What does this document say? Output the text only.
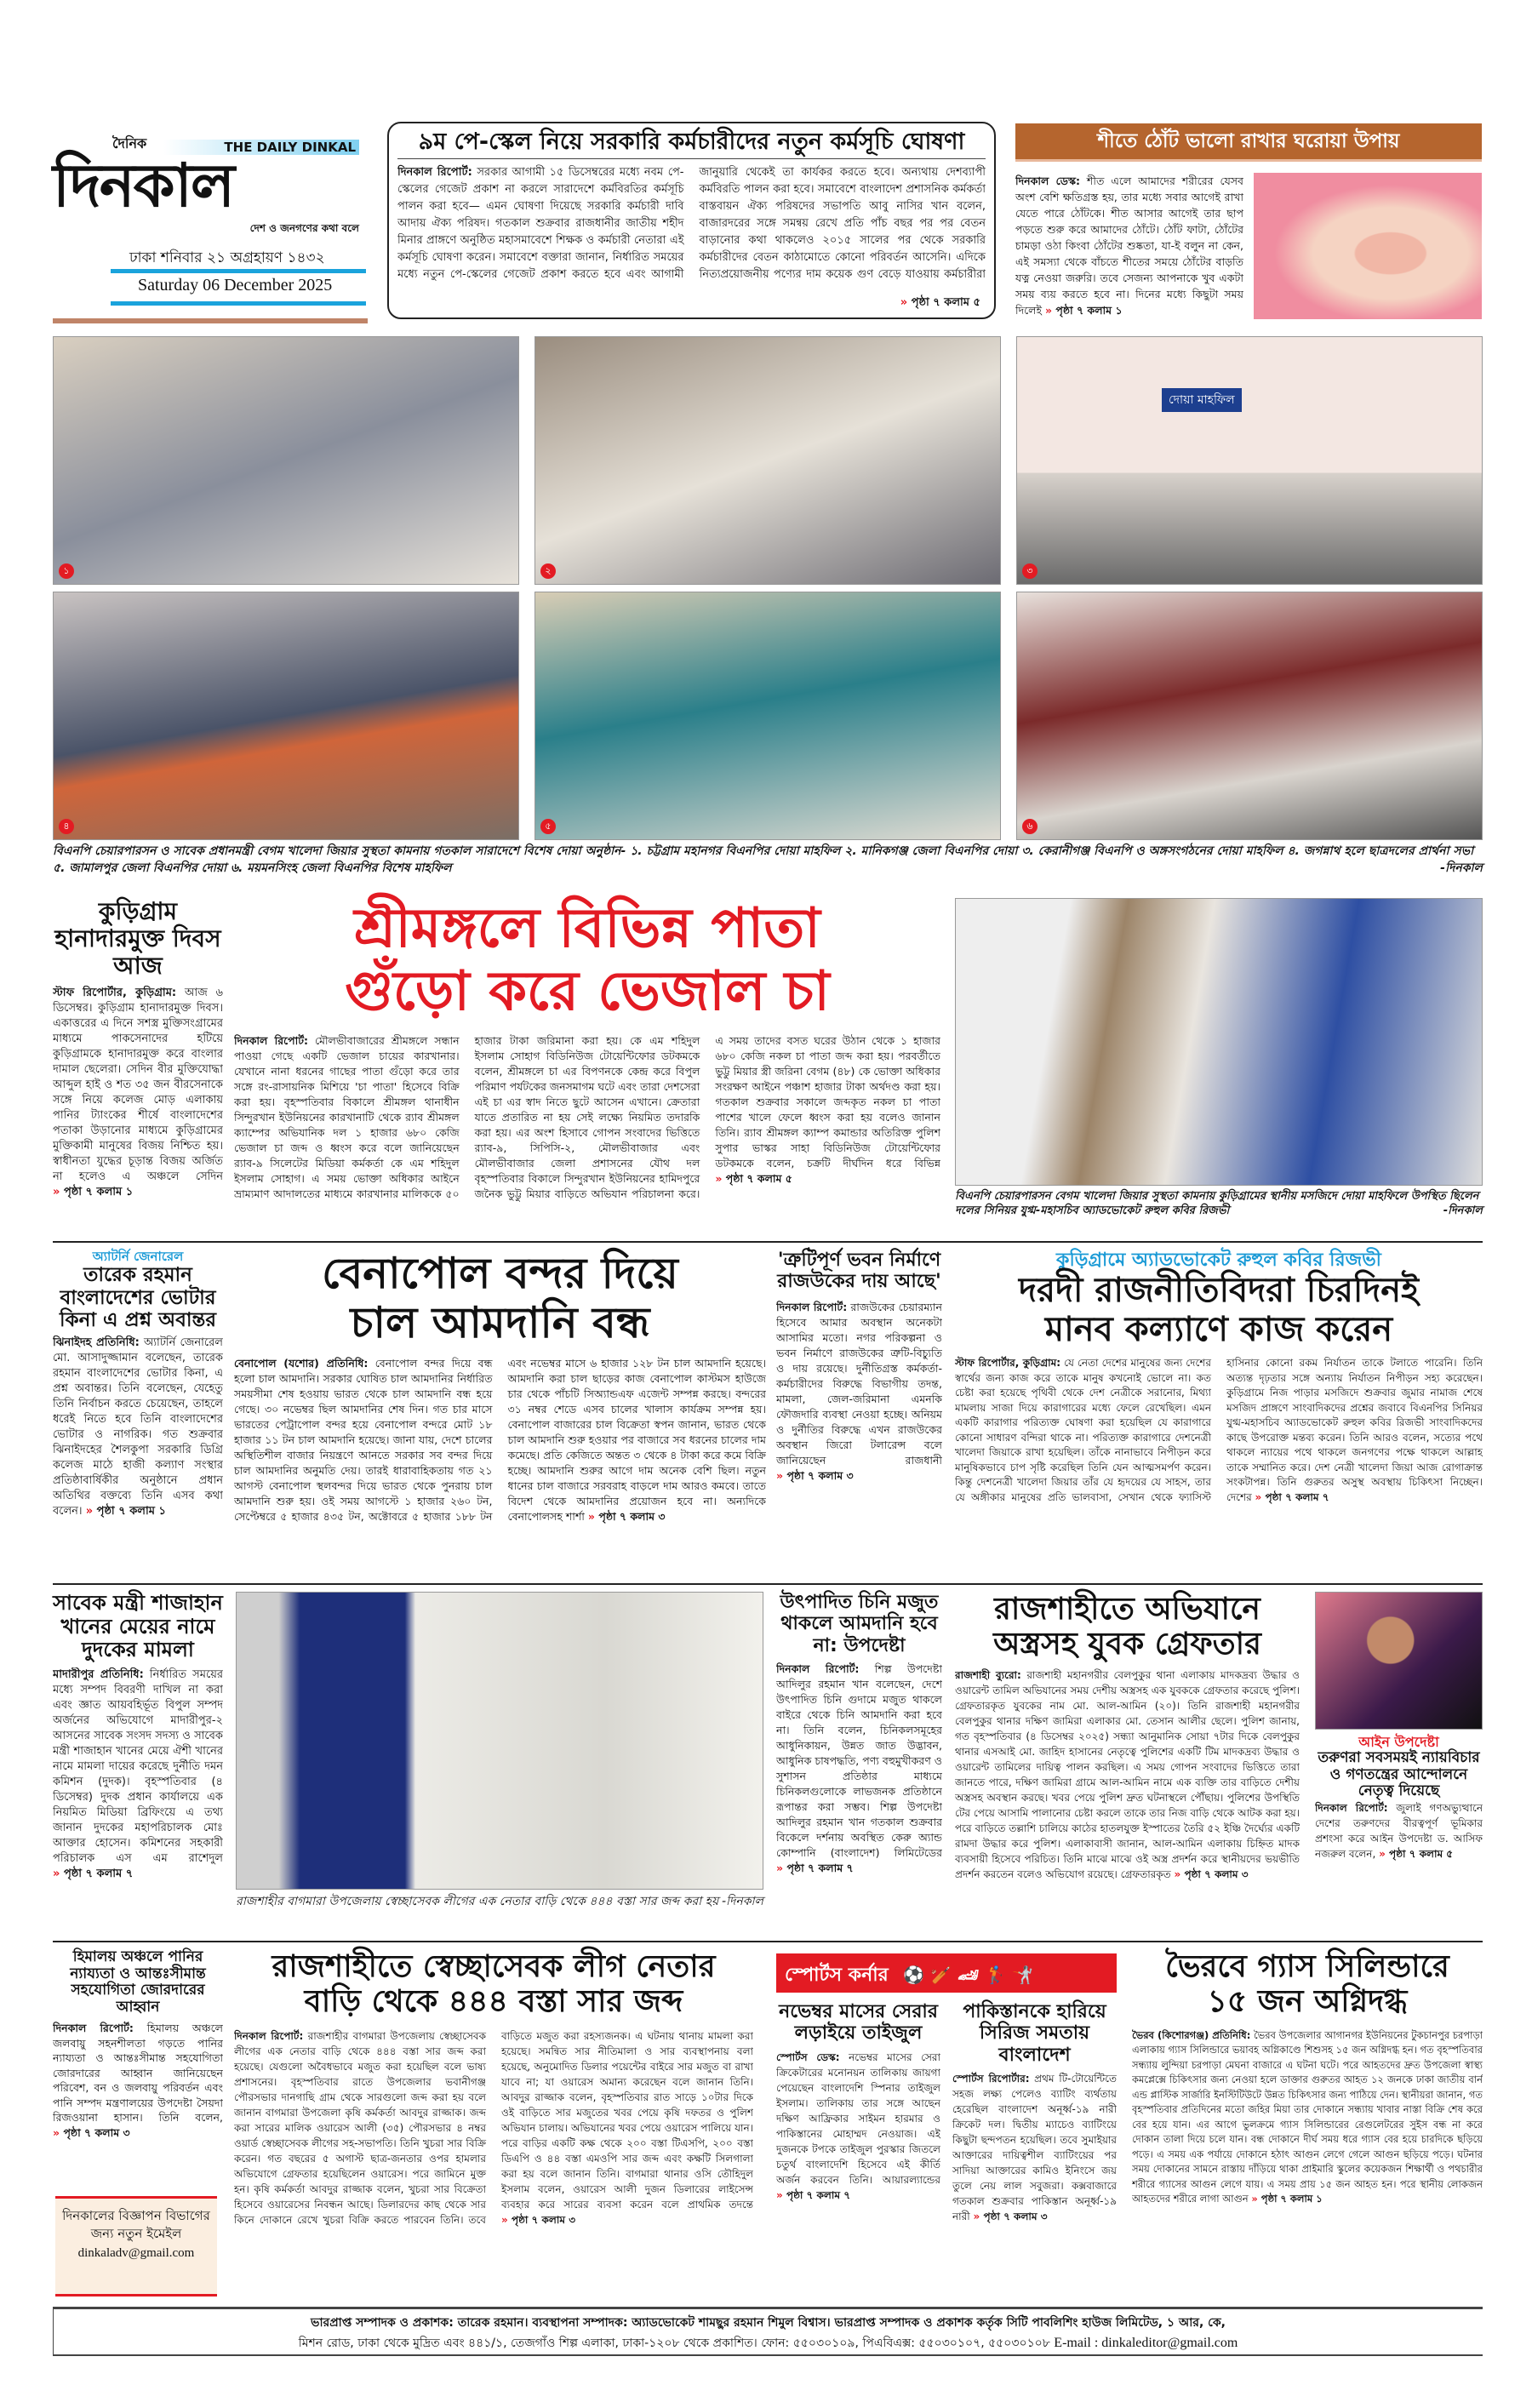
দৈনিক	THE DAILY DINKAL
দিনকাল
দেশ ও জনগণের কথা বলে
ঢাকা শনিবার ২১ অগ্রহায়ণ ১৪৩২
Saturday 06 December 2025
৯ম পে-স্কেল নিয়ে সরকারি কর্মচারীদের নতুন কর্মসূচি ঘোষণা
দিনকাল রিপোর্ট: সরকার আগামী ১৫ ডিসেম্বরের মধ্যে নবম পে-স্কেলের গেজেট প্রকাশ না করলে সারাদেশে কর্মবিরতির কর্মসূচি পালন করা হবে— এমন ঘোষণা দিয়েছে সরকারি কর্মচারী দাবি আদায় ঐক্য পরিষদ। গতকাল শুক্রবার রাজধানীর জাতীয় শহীদ মিনার প্রাঙ্গণে অনুষ্ঠিত মহাসমাবেশে শিক্ষক ও কর্মচারী নেতারা এই কর্মসূচি ঘোষণা করেন। সমাবেশে বক্তারা জানান, নির্ধারিত সময়ের মধ্যে নতুন পে-স্কেলের গেজেট প্রকাশ করতে হবে এবং আগামী জানুয়ারি থেকেই তা কার্যকর করতে হবে। অন্যথায় দেশব্যাপী কর্মবিরতি পালন করা হবে। সমাবেশে বাংলাদেশ প্রশাসনিক কর্মকর্তা বাস্তবায়ন ঐক্য পরিষদের সভাপতি আবু নাসির খান বলেন, বাজারদরের সঙ্গে সমন্বয় রেখে প্রতি পাঁচ বছর পর পর বেতন বাড়ানোর কথা থাকলেও ২০১৫ সালের পর থেকে সরকারি কর্মচারীদের বেতন কাঠামোতে কোনো পরিবর্তন আসেনি। এদিকে নিত্যপ্রয়োজনীয় পণ্যের দাম কয়েক গুণ বেড়ে যাওয়ায় কর্মচারীরা
» পৃষ্ঠা ৭ কলাম ৫
শীতে ঠোঁট ভালো রাখার ঘরোয়া উপায়
দিনকাল ডেস্ক: শীত এলে আমাদের শরীরের যেসব অংশ বেশি ক্ষতিগ্রস্ত হয়, তার মধ্যে সবার আগেই রাখা যেতে পারে ঠোঁটকে। শীত আসার আগেই তার ছাপ পড়তে শুরু করে আমাদের ঠোঁটে। ঠোঁট ফাটা, ঠোঁটের চামড়া ওঠা কিংবা ঠোঁটের শুষ্কতা, যা-ই বলুন না কেন, এই সমস্যা থেকে বাঁচতে শীতের সময়ে ঠোঁটের বাড়তি যত্ন নেওয়া জরুরি। তবে সেজন্য আপনাকে খুব একটা সময় ব্যয় করতে হবে না। দিনের মধ্যে কিছুটা সময় দিলেই » পৃষ্ঠা ৭ কলাম ১
১	২
দোয়া মাহফিল
৩
৪	৫	৬
বিএনপি চেয়ারপারসন ও সাবেক প্রধানমন্ত্রী বেগম খালেদা জিয়ার সুস্থতা কামনায় গতকাল সারাদেশে বিশেষ দোয়া অনুষ্ঠান- ১. চট্টগ্রাম মহানগর বিএনপির দোয়া মাহফিল ২. মানিকগঞ্জ জেলা বিএনপির দোয়া ৩. কেরানীগঞ্জ বিএনপি ও অঙ্গসংগঠনের দোয়া মাহফিল ৪. জগন্নাথ হলে ছাত্রদলের প্রার্থনা সভা ৫. জামালপুর জেলা বিএনপির দোয়া ৬. ময়মনসিংহ জেলা বিএনপির বিশেষ মাহফিল	-দিনকাল
কুড়িগ্রাম হানাদারমুক্ত দিবস আজ
স্টাফ রিপোর্টার, কুড়িগ্রাম: আজ ৬ ডিসেম্বর। কুড়িগ্রাম হানাদারমুক্ত দিবস। একাত্তরের এ দিনে সশস্ত্র মুক্তিসংগ্রামের মাধ্যমে পাকসেনাদের হটিয়ে কুড়িগ্রামকে হানাদারমুক্ত করে বাংলার দামাল ছেলেরা। সেদিন বীর মুক্তিযোদ্ধা আব্দুল হাই ও শত ৩৫ জন বীরসেনাকে সঙ্গে নিয়ে কলেজ মোড় এলাকায় পানির ট্যাংকের শীর্ষে বাংলাদেশের পতাকা উড়ানোর মাধ্যমে কুড়িগ্রামের মুক্তিকামী মানুষের বিজয় নিশ্চিত হয়। স্বাধীনতা যুদ্ধের চূড়ান্ত বিজয় অর্জিত না হলেও এ অঞ্চলে সেদিন » পৃষ্ঠা ৭ কলাম ১
শ্রীমঙ্গলে বিভিন্ন পাতা
গুঁড়ো করে ভেজাল চা
দিনকাল রিপোর্ট: মৌলভীবাজারের শ্রীমঙ্গলে সন্ধান পাওয়া গেছে একটি ভেজাল চায়ের কারখানার। যেখানে নানা ধরনের গাছের পাতা গুঁড়ো করে তার সঙ্গে রং-রাসায়নিক মিশিয়ে 'চা পাতা' হিসেবে বিক্রি করা হয়। বৃহস্পতিবার বিকালে শ্রীমঙ্গল থানাধীন সিন্দুরখান ইউনিয়নের কারখানাটি থেকে র‍্যাব শ্রীমঙ্গল ক্যাম্পের অভিযানিক দল ১ হাজার ৬৮০ কেজি ভেজাল চা জব্দ ও ধ্বংস করে বলে জানিয়েছেন র‍্যাব-৯ সিলেটের মিডিয়া কর্মকর্তা কে এম শহিদুল ইসলাম সোহাগ। এ সময় ভোক্তা অধিকার আইনে ভ্রাম্যমাণ আদালতের মাধ্যমে কারখানার মালিককে ৫০ হাজার টাকা জরিমানা করা হয়। কে এম শহিদুল ইসলাম সোহাগ বিডিনিউজ টোয়েন্টিফোর ডটকমকে বলেন, শ্রীমঙ্গলে চা এর বিপণনকে কেন্দ্র করে বিপুল পরিমাণ পর্যটকের জনসমাগম ঘটে এবং তারা দেশসেরা এই চা এর স্বাদ নিতে ছুটে আসেন এখানে। ক্রেতারা যাতে প্রতারিত না হয় সেই লক্ষ্যে নিয়মিত তদারকি করা হয়। এর অংশ হিসাবে গোপন সংবাদের ভিত্তিতে র‍্যাব-৯, সিপিসি-২, মৌলভীবাজার এবং মৌলভীবাজার জেলা প্রশাসনের যৌথ দল বৃহস্পতিবার বিকালে সিন্দুরখান ইউনিয়নের হামিদপুরে জনৈক ভুট্টু মিয়ার বাড়িতে অভিযান পরিচালনা করে। এ সময় তাদের বসত ঘরের উঠান থেকে ১ হাজার ৬৮০ কেজি নকল চা পাতা জব্দ করা হয়। পরবর্তীতে ভুট্টু মিয়ার স্ত্রী জরিনা বেগম (৪৮) কে ভোক্তা অধিকার সংরক্ষণ আইনে পঞ্চাশ হাজার টাকা অর্থদণ্ড করা হয়। গতকাল শুক্রবার সকালে জব্দকৃত নকল চা পাতা পাশের খালে ফেলে ধ্বংস করা হয় বলেও জানান তিনি। র‍্যাব শ্রীমঙ্গল ক্যাম্প কমান্ডার অতিরিক্ত পুলিশ সুপার ভাস্কর সাহা বিডিনিউজ টোয়েন্টিফোর ডটকমকে বলেন, চক্রটি দীর্ঘদিন ধরে বিভিন্ন » পৃষ্ঠা ৭ কলাম ৫
বিএনপি চেয়ারপারসন বেগম খালেদা জিয়ার সুস্থতা কামনায় কুড়িগ্রামের স্থানীয় মসজিদে দোয়া মাহফিলে উপস্থিত ছিলেন দলের সিনিয়র যুগ্ম-মহাসচিব অ্যাডভোকেট রুহুল কবির রিজভী	-দিনকাল
অ্যাটর্নি জেনারেল
তারেক রহমান বাংলাদেশের ভোটার কিনা এ প্রশ্ন অবান্তর
ঝিনাইদহ প্রতিনিধি: অ্যাটর্নি জেনারেল মো. আসাদুজ্জামান বলেছেন, তারেক রহমান বাংলাদেশের ভোটার কিনা, এ প্রশ্ন অবান্তর। তিনি বলেছেন, যেহেতু তিনি নির্বাচন করতে চেয়েছেন, তাহলে ধরেই নিতে হবে তিনি বাংলাদেশের ভোটার ও নাগরিক। গত শুক্রবার ঝিনাইদহের শৈলকুপা সরকারি ডিগ্রি কলেজ মাঠে হাজী কল্যাণ সংস্থার প্রতিষ্ঠাবার্ষিকীর অনুষ্ঠানে প্রধান অতিথির বক্তব্যে তিনি এসব কথা বলেন। » পৃষ্ঠা ৭ কলাম ১
বেনাপোল বন্দর দিয়ে
চাল আমদানি বন্ধ
বেনাপোল (যশোর) প্রতিনিধি: বেনাপোল বন্দর দিয়ে বন্ধ হলো চাল আমদানি। সরকার ঘোষিত চাল আমদানির নির্ধারিত সময়সীমা শেষ হওয়ায় ভারত থেকে চাল আমদানি বন্ধ হয়ে গেছে। ৩০ নভেম্বর ছিল আমদানির শেষ দিন। গত চার মাসে ভারতের পেট্রাপোল বন্দর হয়ে বেনাপোল বন্দরে মোট ১৮ হাজার ১১ টন চাল আমদানি হয়েছে। জানা যায়, দেশে চালের অস্থিতিশীল বাজার নিয়ন্ত্রণে আনতে সরকার সব বন্দর দিয়ে চাল আমদানির অনুমতি দেয়। তারই ধারাবাহিকতায় গত ২১ আগস্ট বেনাপোল স্থলবন্দর দিয়ে ভারত থেকে পুনরায় চাল আমদানি শুরু হয়। ওই সময় আগস্টে ১ হাজার ২৬০ টন, সেপ্টেম্বরে ৫ হাজার ৪৩৫ টন, অক্টোবরে ৫ হাজার ১৮৮ টন এবং নভেম্বর মাসে ৬ হাজার ১২৮ টন চাল আমদানি হয়েছে। আমদানি করা চাল ছাড়ের কাজ বেনাপোল কাস্টমস হাউজে চার থেকে পাঁচটি সিঅ্যান্ডএফ এজেন্ট সম্পন্ন করছে। বন্দরের ৩১ নম্বর শেডে এসব চালের খালাস কার্যক্রম সম্পন্ন হয়। বেনাপোল বাজারের চাল বিক্রেতা স্বপন জানান, ভারত থেকে চাল আমদানি শুরু হওয়ার পর বাজারে সব ধরনের চালের দাম কমেছে। প্রতি কেজিতে অন্তত ৩ থেকে ৪ টাকা করে কমে বিক্রি হচ্ছে। আমদানি শুরুর আগে দাম অনেক বেশি ছিল। নতুন ধানের চাল বাজারে সরবরাহ বাড়লে দাম আরও কমবে। তাতে বিদেশ থেকে আমদানির প্রয়োজন হবে না। অন্যদিকে বেনাপোলসহ শার্শা » পৃষ্ঠা ৭ কলাম ৩
'ত্রুটিপূর্ণ ভবন নির্মাণে রাজউকের দায় আছে'
দিনকাল রিপোর্ট: রাজউকের চেয়ারম্যান হিসেবে আমার অবস্থান অনেকটা আসামির মতো। নগর পরিকল্পনা ও ভবন নির্মাণে রাজউকের ত্রুটি-বিচ্যুতি ও দায় রয়েছে। দুর্নীতিগ্রস্ত কর্মকর্তা-কর্মচারীদের বিরুদ্ধে বিভাগীয় তদন্ত, মামলা, জেল-জরিমানা এমনকি ফৌজদারি ব্যবস্থা নেওয়া হচ্ছে। অনিয়ম ও দুর্নীতির বিরুদ্ধে এখন রাজউকের অবস্থান জিরো টলারেন্স বলে জানিয়েছেন রাজধানী » পৃষ্ঠা ৭ কলাম ৩
কুড়িগ্রামে অ্যাডভোকেট রুহুল কবির রিজভী
দরদী রাজনীতিবিদরা চিরদিনই
মানব কল্যাণে কাজ করেন
স্টাফ রিপোর্টার, কুড়িগ্রাম: যে নেতা দেশের মানুষের জন্য দেশের স্বার্থের জন্য কাজ করে তাকে মানুষ কখনোই ভোলে না। কত চেষ্টা করা হয়েছে পৃথিবী থেকে দেশ নেত্রীকে সরানোর, মিথ্যা মামলায় সাজা দিয়ে কারাগারের মধ্যে ফেলে রেখেছিল। এমন একটি কারাগার পরিত্যক্ত ঘোষণা করা হয়েছিল যে কারাগারে কোনো সাধারণ বন্দিরা থাকে না। পরিত্যক্ত কারাগারে দেশনেত্রী খালেদা জিয়াকে রাখা হয়েছিল। তাঁকে নানাভাবে নিপীড়ন করে মানুষিকভাবে চাপ সৃষ্টি করেছিল তিনি যেন আত্মসমর্পণ করেন। কিন্তু দেশনেত্রী খালেদা জিয়ার তাঁর যে হৃদয়ের যে সাহস, তার যে অঙ্গীকার মানুষের প্রতি ভালবাসা, সেখান থেকে ফ্যাসিস্ট হাসিনার কোনো রকম নির্যাতন তাকে টলাতে পারেনি। তিনি অত্যন্ত দৃঢ়তার সঙ্গে অন্যায় নির্যাতন নিপীড়ন সহ্য করেছেন। কুড়িগ্রামে নিজ পাড়ার মসজিদে শুক্রবার জুমার নামাজ শেষে মসজিদ প্রাঙ্গণে সাংবাদিকদের প্রশ্নের জবাবে বিএনপির সিনিয়র যুগ্ম-মহাসচিব অ্যাডভোকেট রুহুল কবির রিজভী সাংবাদিকদের কাছে উপরোক্ত মন্তব্য করেন। তিনি আরও বলেন, সত্যের পথে থাকলে ন্যায়ের পথে থাকলে জনগণের পক্ষে থাকলে আল্লাহ তাকে সম্মানিত করে। দেশ নেত্রী খালেদা জিয়া আজ রোগাক্রান্ত সংকটাপন্ন। তিনি গুরুতর অসুস্থ অবস্থায় চিকিৎসা নিচ্ছেন। দেশের » পৃষ্ঠা ৭ কলাম ৭
সাবেক মন্ত্রী শাজাহান খানের মেয়ের নামে দুদকের মামলা
মাদারীপুর প্রতিনিধি: নির্ধারিত সময়ের মধ্যে সম্পদ বিবরণী দাখিল না করা এবং জ্ঞাত আয়বহির্ভূত বিপুল সম্পদ অর্জনের অভিযোগে মাদারীপুর-২ আসনের সাবেক সংসদ সদস্য ও সাবেক মন্ত্রী শাজাহান খানের মেয়ে ঐশী খানের নামে মামলা দায়ের করেছে দুর্নীতি দমন কমিশন (দুদক)। বৃহস্পতিবার (৪ ডিসেম্বর) দুদক প্রধান কার্যালয়ে এক নিয়মিত মিডিয়া ব্রিফিংয়ে এ তথ্য জানান দুদকের মহাপরিচালক মোঃ আক্তার হোসেন। কমিশনের সহকারী পরিচালক এস এম রাশেদুল » পৃষ্ঠা ৭ কলাম ৭
রাজশাহীর বাগমারা উপজেলায় স্বেচ্ছাসেবক লীগের এক নেতার বাড়ি থেকে ৪৪৪ বস্তা সার জব্দ করা হয় -দিনকাল
উৎপাদিত চিনি মজুত থাকলে আমদানি হবে না: উপদেষ্টা
দিনকাল রিপোর্ট: শিল্প উপদেষ্টা আদিলুর রহমান খান বলেছেন, দেশে উৎপাদিত চিনি গুদামে মজুত থাকলে বাইরে থেকে চিনি আমদানি করা হবে না। তিনি বলেন, চিনিকলসমূহের আধুনিকায়ন, উন্নত জাত উদ্ভাবন, আধুনিক চাষপদ্ধতি, পণ্য বহুমুখীকরণ ও সুশাসন প্রতিষ্ঠার মাধ্যমে চিনিকলগুলোকে লাভজনক প্রতিষ্ঠানে রূপান্তর করা সম্ভব। শিল্প উপদেষ্টা আদিলুর রহমান খান গতকাল শুক্রবার বিকেলে দর্শনায় অবস্থিত কেরু অ্যান্ড কোম্পানি (বাংলাদেশ) লিমিটেডের » পৃষ্ঠা ৭ কলাম ৭
রাজশাহীতে অভিযানে
অস্ত্রসহ যুবক গ্রেফতার
রাজশাহী ব্যুরো: রাজশাহী মহানগরীর বেলপুকুর থানা এলাকায় মাদকদ্রব্য উদ্ধার ও ওয়ারেন্ট তামিল অভিযানের সময় দেশীয় অস্ত্রসহ এক যুবককে গ্রেফতার করেছে পুলিশ। গ্রেফতারকৃত যুবকের নাম মো. আল-আমিন (২০)। তিনি রাজশাহী মহানগরীর বেলপুকুর থানার দক্ষিণ জামিরা এলাকার মো. তেসান আলীর ছেলে। পুলিশ জানায়, গত বৃহস্পতিবার (৪ ডিসেম্বর ২০২৫) সন্ধ্যা আনুমানিক সোয়া ৭টার দিকে বেলপুকুর থানার এসআই মো. জাহিদ হাসানের নেতৃত্বে পুলিশের একটি টিম মাদকদ্রব্য উদ্ধার ও ওয়ারেন্ট তামিলের দায়িত্ব পালন করছিল। এ সময় গোপন সংবাদের ভিত্তিতে তারা জানতে পারে, দক্ষিণ জামিরা গ্রামে আল-আমিন নামে এক ব্যক্তি তার বাড়িতে দেশীয় অস্ত্রসহ অবস্থান করছে। খবর পেয়ে পুলিশ দ্রুত ঘটনাস্থলে পৌঁছায়। পুলিশের উপস্থিতি টের পেয়ে আসামি পালানোর চেষ্টা করলে তাকে তার নিজ বাড়ি থেকে আটক করা হয়। পরে বাড়িতে তল্লাশি চালিয়ে কাঠের হাতলযুক্ত ইস্পাতের তৈরি ৫২ ইঞ্চি দৈর্ঘ্যের একটি রামদা উদ্ধার করে পুলিশ। এলাকাবাসী জানান, আল-আমিন এলাকায় চিহ্নিত মাদক ব্যবসায়ী হিসেবে পরিচিত। তিনি মাঝে মাঝে ওই অস্ত্র প্রদর্শন করে স্থানীয়দের ভয়ভীতি প্রদর্শন করতেন বলেও অভিযোগ রয়েছে। গ্রেফতারকৃত » পৃষ্ঠা ৭ কলাম ৩
আইন উপদেষ্টা
তরুণরা সবসময়ই ন্যায়বিচার ও গণতন্ত্রের আন্দোলনে নেতৃত্ব দিয়েছে
দিনকাল রিপোর্ট: জুলাই গণঅভ্যুত্থানে দেশের তরুণদের বীরত্বপূর্ণ ভূমিকার প্রশংসা করে আইন উপদেষ্টা ড. আসিফ নজরুল বলেন, » পৃষ্ঠা ৭ কলাম ৫
হিমালয় অঞ্চলে পানির ন্যায্যতা ও আন্তঃসীমান্ত সহযোগিতা জোরদারের আহ্বান
দিনকাল রিপোর্ট: হিমালয় অঞ্চলে জলবায়ু সহনশীলতা গড়তে পানির ন্যায্যতা ও আন্তঃসীমান্ত সহযোগিতা জোরদারের আহ্বান জানিয়েছেন পরিবেশ, বন ও জলবায়ু পরিবর্তন এবং পানি সম্পদ মন্ত্রণালয়ের উপদেষ্টা সৈয়দা রিজওয়ানা হাসান। তিনি বলেন, » পৃষ্ঠা ৭ কলাম ৩
দিনকালের বিজ্ঞাপন বিভাগের জন্য নতুন ইমেইল
dinkaladv@gmail.com
রাজশাহীতে স্বেচ্ছাসেবক লীগ নেতার
বাড়ি থেকে ৪৪৪ বস্তা সার জব্দ
দিনকাল রিপোর্ট: রাজশাহীর বাগমারা উপজেলায় স্বেচ্ছাসেবক লীগের এক নেতার বাড়ি থেকে ৪৪৪ বস্তা সার জব্দ করা হয়েছে। যেগুলো অবৈধভাবে মজুত করা হয়েছিল বলে ভাষ্য প্রশাসনের। বৃহস্পতিবার রাতে উপজেলার ভবানীগঞ্জ পৌরসভার দানগাছি গ্রাম থেকে সারগুলো জব্দ করা হয় বলে জানান বাগমারা উপজেলা কৃষি কর্মকর্তা আবদুর রাজ্জাক। জব্দ করা সারের মালিক ওয়ারেস আলী (৩৫) পৌরসভার ৪ নম্বর ওয়ার্ড স্বেচ্ছাসেবক লীগের সহ-সভাপতি। তিনি খুচরা সার বিক্রি করেন। গত বছরের ৫ অগাস্ট ছাত্র-জনতার ওপর হামলার অভিযোগে গ্রেফতার হয়েছিলেন ওয়ারেস। পরে জামিনে মুক্ত হন। কৃষি কর্মকর্তা আবদুর রাজ্জাক বলেন, খুচরা সার বিক্রেতা হিসেবে ওয়ারেসের নিবন্ধন আছে। ডিলারদের কাছ থেকে সার কিনে দোকানে রেখে খুচরা বিক্রি করতে পারবেন তিনি। তবে বাড়িতে মজুত করা রহস্যজনক। এ ঘটনায় থানায় মামলা করা হয়েছে। সমন্বিত সার নীতিমালা ও সার ব্যবস্থাপনায় বলা হয়েছে, অনুমোদিত ডিলার পয়েন্টের বাইরে সার মজুত বা রাখা যাবে না; যা ওয়ারেস অমান্য করেছেন বলে জানান তিনি। আবদুর রাজ্জাক বলেন, বৃহস্পতিবার রাত সাড়ে ১০টার দিকে ওই বাড়িতে সার মজুতের খবর পেয়ে কৃষি দফতর ও পুলিশ অভিযান চালায়। অভিযানের খবর পেয়ে ওয়ারেস পালিয়ে যান। পরে বাড়ির একটি কক্ষ থেকে ২০০ বস্তা টিএসপি, ২০০ বস্তা ডিএপি ও ৪৪ বস্তা এমওপি সার জব্দ এবং কক্ষটি সিলগালা করা হয় বলে জানান তিনি। বাগমারা থানার ওসি তৌহিদুল ইসলাম বলেন, ওয়ারেস আলী দুজন ডিলারের লাইসেন্স ব্যবহার করে সারের ব্যবসা করেন বলে প্রাথমিক তদন্তে » পৃষ্ঠা ৭ কলাম ৩
স্পোর্টস কর্নার ⚽ 🏏 🏎 🏌 🤺
নভেম্বর মাসের সেরার লড়াইয়ে তাইজুল
স্পোর্টস ডেস্ক: নভেম্বর মাসের সেরা ক্রিকেটারের মনোনয়ন তালিকায় জায়গা পেয়েছেন বাংলাদেশি স্পিনার তাইজুল ইসলাম। তালিকায় তার সঙ্গে আছেন দক্ষিণ আফ্রিকার সাইমন হারমার ও পাকিস্তানের মোহাম্মদ নেওয়াজ। এই দুজনকে টপকে তাইজুল পুরস্কার জিতলে চতুর্থ বাংলাদেশি হিসেবে এই কীর্তি অর্জন করবেন তিনি। আয়ারল্যান্ডের » পৃষ্ঠা ৭ কলাম ৭
পাকিস্তানকে হারিয়ে সিরিজ সমতায় বাংলাদেশ
স্পোর্টস রিপোর্টার: প্রথম টি-টোয়েন্টিতে সহজ লক্ষ্য পেলেও ব্যাটিং ব্যর্থতায় হেরেছিল বাংলাদেশ অনূর্ধ্ব-১৯ নারী ক্রিকেট দল। দ্বিতীয় ম্যাচেও ব্যাটিংয়ে কিছুটা ছন্দপতন হয়েছিল। তবে সুমাইয়ার আক্তারের দায়িত্বশীল ব্যাটিংয়ের পর সাদিয়া আক্তারের কামিও ইনিংসে জয় তুলে নেয় লাল সবুজরা। কক্সবাজারে গতকাল শুক্রবার পাকিস্তান অনূর্ধ্ব-১৯ নারী » পৃষ্ঠা ৭ কলাম ৩
ভৈরবে গ্যাস সিলিন্ডারে
১৫ জন অগ্নিদগ্ধ
ভৈরব (কিশোরগঞ্জ) প্রতিনিধি: ভৈরব উপজেলার আগানগর ইউনিয়নের টুকচানপুর চরপাড়া এলাকায় গ্যাস সিলিন্ডারে ভয়াবহ অগ্নিকাণ্ডে শিশুসহ ১৫ জন অগ্নিদগ্ধ হন। গত বৃহস্পতিবার সন্ধ্যায় লুন্দিয়া চরপাড়া মেঘনা বাজারে এ ঘটনা ঘটে। পরে আহতদের দ্রুত উপজেলা স্বাস্থ্য কমপ্লেক্সে চিকিৎসার জন্য নেওয়া হলে ডাক্তার গুরুতর আহত ১২ জনকে ঢাকা জাতীয় বার্ন এন্ড প্লাস্টিক সার্জারি ইনস্টিটিউটে উন্নত চিকিৎসার জন্য পাঠিয়ে দেন। স্থানীয়রা জানান, গত বৃহস্পতিবার প্রতিদিনের মতো জহির মিয়া তার দোকানে সন্ধ্যায় খাবার নাস্তা বিক্রি শেষ করে বের হয়ে যান। এর আগে ভুলক্রমে গ্যাস সিলিন্ডারের রেগুলেটরের সুইস বন্ধ না করে দোকান তালা দিয়ে চলে যান। বন্ধ দোকানে দীর্ঘ সময় ধরে গ্যাস বের হয়ে চারদিকে ছড়িয়ে পড়ে। এ সময় এক পর্যায়ে দোকানে হঠাৎ আগুন লেগে গেলে আগুন ছড়িয়ে পড়ে। ঘটনার সময় দোকানের সামনে রাস্তায় দাঁড়িয়ে থাকা প্রাইমারি স্কুলের কয়েকজন শিক্ষার্থী ও পথচারীর শরীরে গ্যাসের আগুন লেগে যায়। এ সময় প্রায় ১৫ জন আহত হন। পরে স্থানীয় লোকজন আহতদের শরীরে লাগা আগুন » পৃষ্ঠা ৭ কলাম ১
ভারপ্রাপ্ত সম্পাদক ও প্রকাশক: তারেক রহমান। ব্যবস্থাপনা সম্পাদক: অ্যাডভোকেট শামছুর রহমান শিমুল বিশ্বাস। ভারপ্রাপ্ত সম্পাদক ও প্রকাশক কর্তৃক সিটি পাবলিশিং হাউজ লিমিটেড, ১ আর, কে,
মিশন রোড, ঢাকা থেকে মুদ্রিত এবং ৪৪১/১, তেজগাঁও শিল্প এলাকা, ঢাকা-১২০৮ থেকে প্রকাশিত। ফোন: ৫৫০৩০১০৯, পিএবিএক্স: ৫৫০৩০১০৭, ৫৫০৩০১০৮ E-mail : dinkaleditor@gmail.com
